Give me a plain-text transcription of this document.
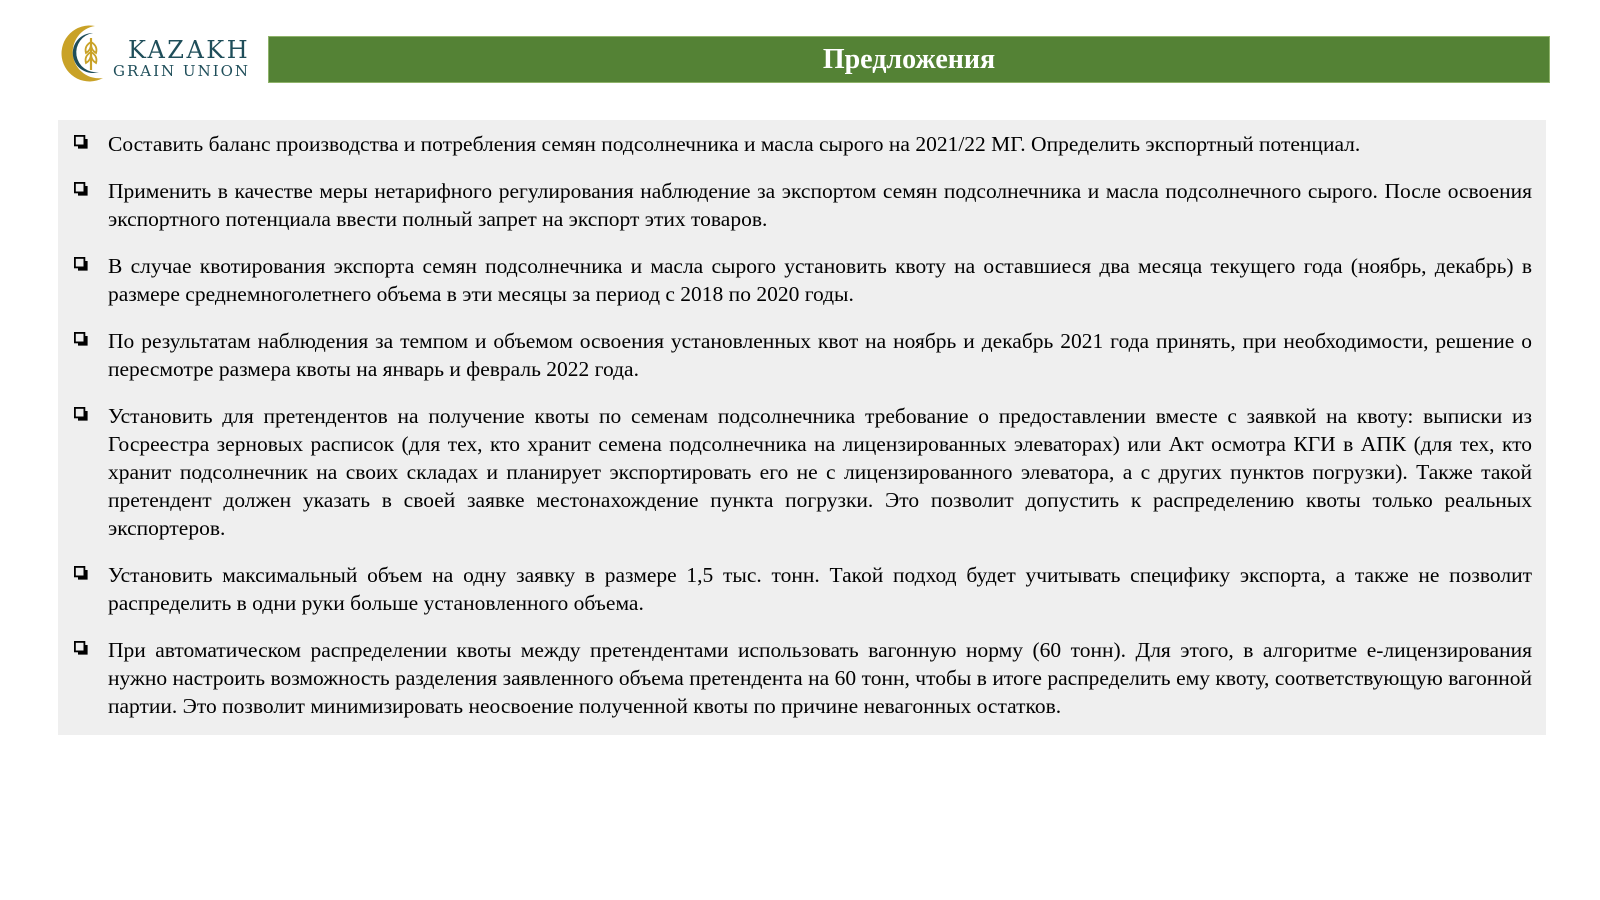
KAZAKH
GRAIN UNION	Предложения
Составить баланс производства и потребления семян подсолнечника и масла сырого на 2021/22 МГ. Определить экспортный потенциал.
Применить в качестве меры нетарифного регулирования наблюдение за экспортом семян подсолнечника и масла подсолнечного сырого. После освоения экспортного потенциала ввести полный запрет на экспорт этих товаров.
В случае квотирования экспорта семян подсолнечника и масла сырого установить квоту на оставшиеся два месяца текущего года (ноябрь, декабрь) в размере среднемноголетнего объема в эти месяцы за период с 2018 по 2020 годы.
По результатам наблюдения за темпом и объемом освоения установленных квот на ноябрь и декабрь 2021 года принять, при необходимости, решение о пересмотре размера квоты на январь и февраль 2022 года.
Установить для претендентов на получение квоты по семенам подсолнечника требование о предоставлении вместе с заявкой на квоту: выписки из Госреестра зерновых расписок (для тех, кто хранит семена подсолнечника на лицензированных элеваторах) или Акт осмотра КГИ в АПК (для тех, кто хранит подсолнечник на своих складах и планирует экспортировать его не с лицензированного элеватора, а с других пунктов погрузки). Также такой претендент должен указать в своей заявке местонахождение пункта погрузки. Это позволит допустить к распределению квоты только реальных экспортеров.
Установить максимальный объем на одну заявку в размере 1,5 тыс. тонн. Такой подход будет учитывать специфику экспорта, а также не позволит распределить в одни руки больше установленного объема.
При автоматическом распределении квоты между претендентами использовать вагонную норму (60 тонн). Для этого, в алгоритме е-лицензирования нужно настроить возможность разделения заявленного объема претендента на 60 тонн, чтобы в итоге распределить ему квоту, соответствующую вагонной партии. Это позволит минимизировать неосвоение полученной квоты по причине невагонных остатков.
